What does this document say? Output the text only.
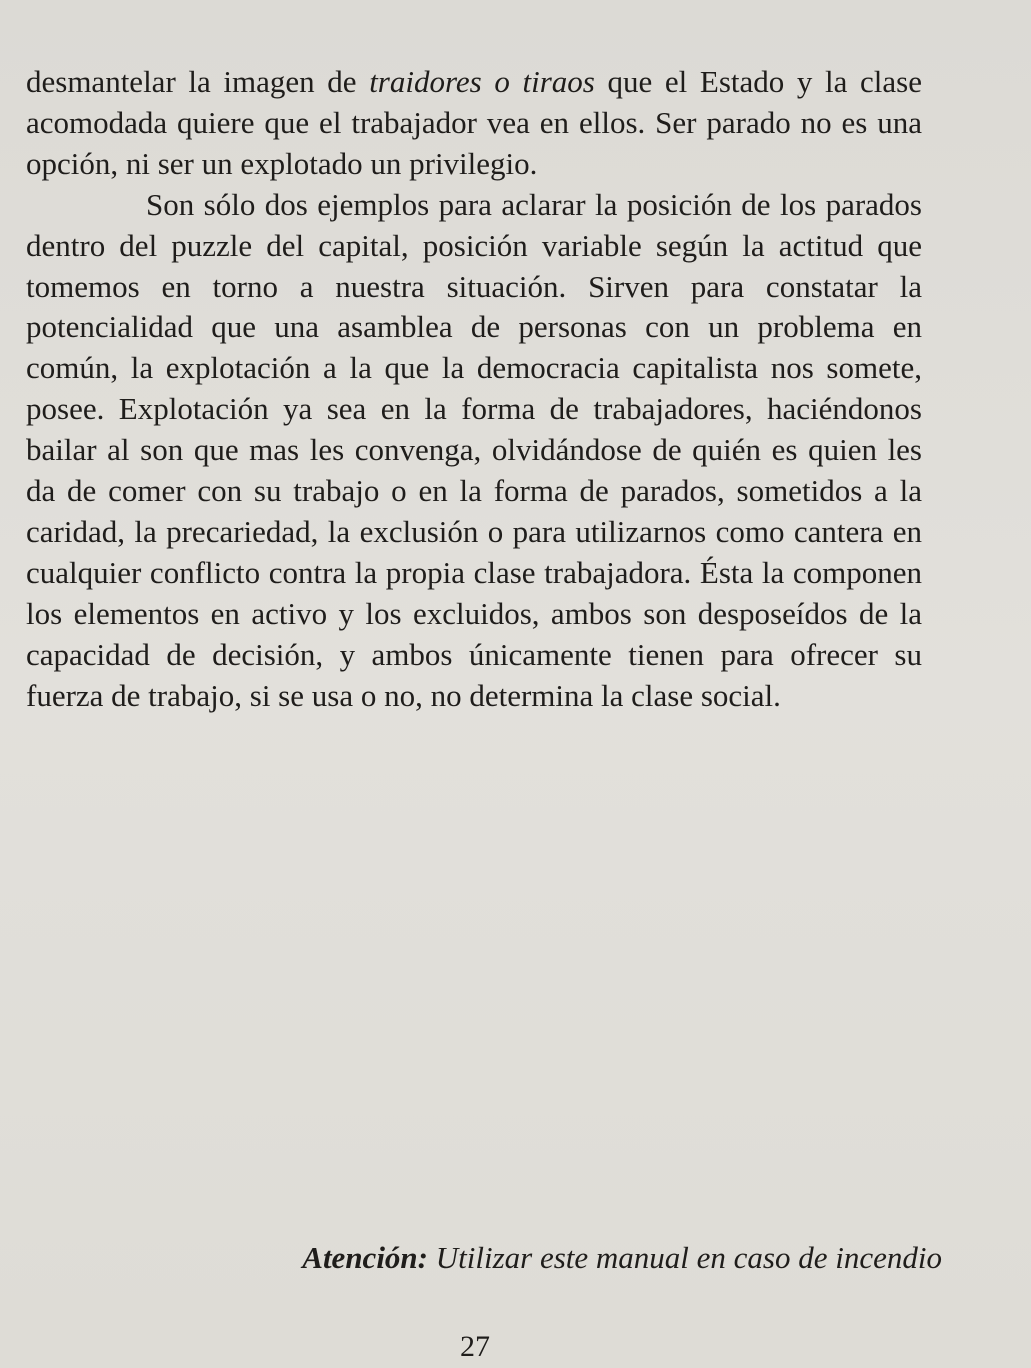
desmantelar la imagen de traidores o tiraos que el Estado y la clase acomodada quiere que el trabajador vea en ellos. Ser parado no es una opción, ni ser un explotado un privilegio.

Son sólo dos ejemplos para aclarar la posición de los parados dentro del puzzle del capital, posición variable según la actitud que tomemos en torno a nuestra situación. Sirven para constatar la potencialidad que una asamblea de personas con un problema en común, la explotación a la que la democracia capitalista nos somete, posee. Explotación ya sea en la forma de trabajadores, haciéndonos bailar al son que mas les convenga, olvidándose de quién es quien les da de comer con su trabajo o en la forma de parados, sometidos a la caridad, la precariedad, la exclusión o para utilizarnos como cantera en cualquier conflicto contra la propia clase trabajadora. Ésta la componen los elementos en activo y los excluidos, ambos son desposeídos de la capacidad de decisión, y ambos únicamente tienen para ofrecer su fuerza de trabajo, si se usa o no, no determina la clase social.

Atención: Utilizar este manual en caso de incendio
27
